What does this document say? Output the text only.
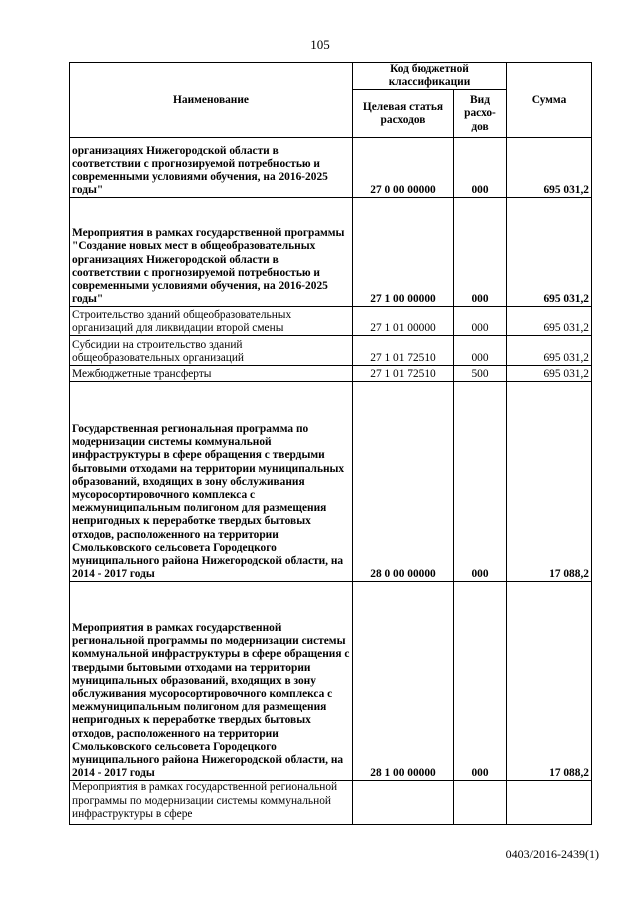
105
Наименование	Код бюджетной классификации		Сумма
	Целевая статья расходов	Вид расхо-дов	
организациях Нижегородской области в соответствии с прогнозируемой потребностью и современными условиями обучения, на 2016-2025 годы"	27 0 00 00000	000	695 031,2
Мероприятия в рамках государственной программы "Создание новых мест в общеобразовательных организациях Нижегородской области в соответствии с прогнозируемой потребностью и современными условиями обучения, на 2016-2025 годы"	27 1 00 00000	000	695 031,2
Строительство зданий общеобразовательных организаций для ликвидации второй смены	27 1 01 00000	000	695 031,2
Субсидии на строительство зданий общеобразовательных организаций	27 1 01 72510	000	695 031,2
Межбюджетные трансферты	27 1 01 72510	500	695 031,2
Государственная региональная программа по модернизации системы коммунальной инфраструктуры в сфере обращения с твердыми бытовыми отходами на территории муниципальных образований, входящих в зону обслуживания мусоросортировочного комплекса с межмуниципальным полигоном для размещения непригодных к переработке твердых бытовых отходов, расположенного на территории Смольковского сельсовета Городецкого муниципального района Нижегородской области, на 2014 - 2017 годы	28 0 00 00000	000	17 088,2
Мероприятия в рамках государственной региональной программы по модернизации системы коммунальной инфраструктуры в сфере обращения с твердыми бытовыми отходами на территории муниципальных образований, входящих в зону обслуживания мусоросортировочного комплекса с межмуниципальным полигоном для размещения непригодных к переработке твердых бытовых отходов, расположенного на территории Смольковского сельсовета Городецкого муниципального района Нижегородской области, на 2014 - 2017 годы	28 1 00 00000	000	17 088,2
Мероприятия в рамках государственной региональной программы по модернизации системы коммунальной инфраструктуры в сфере			
0403/2016-2439(1)
